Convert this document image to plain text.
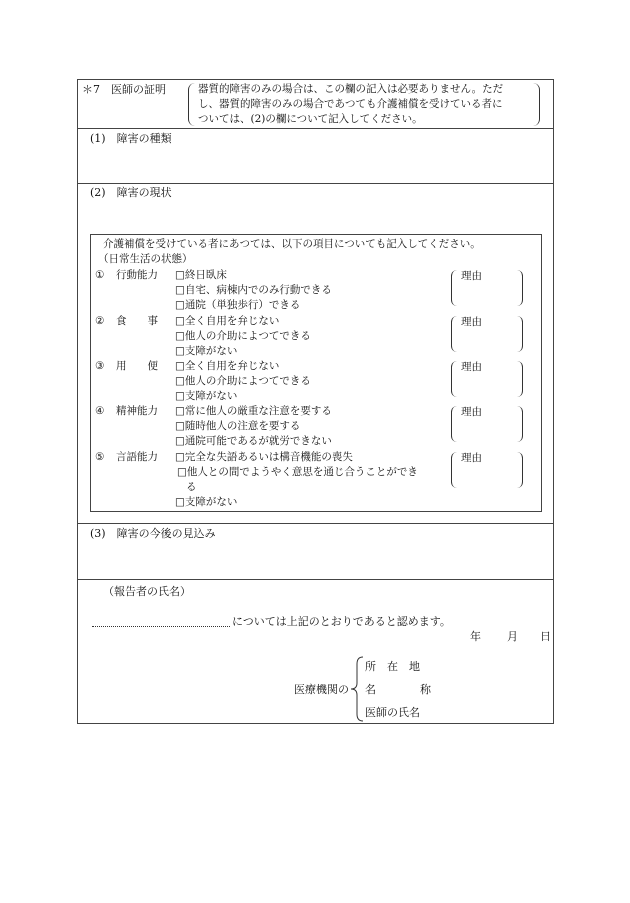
＊7　医師の証明	器質的障害のみの場合は、この欄の記入は必要ありません。ただ
し、器質的障害のみの場合であつても介護補償を受けている者に
ついては、(2)の欄について記入してください。
(1)　障害の種類
(2)　障害の現状
介護補償を受けている者にあつては、以下の項目についても記入してください。
（日常生活の状態）
① 行動能力 □終日臥床
□自宅、病棟内でのみ行動できる
□通院（単独歩行）できる
理由
② 食　　事 □全く自用を弁じない
□他人の介助によつてできる
□支障がない
理由
③ 用　　便 □全く自用を弁じない
□他人の介助によつてできる
□支障がない
理由
④ 精神能力 □常に他人の厳重な注意を要する
□随時他人の注意を要する
□通院可能であるが就労できない
理由
⑤ 言語能力 □完全な失語あるいは構音機能の喪失
□他人との間でようやく意思を通じ合うことができ
る
□支障がない
理由
(3)　障害の今後の見込み
（報告者の氏名）
については上記のとおりであると認めます。
年 月 日
医療機関の
所　在　地
名　　　　称
医師の氏名
